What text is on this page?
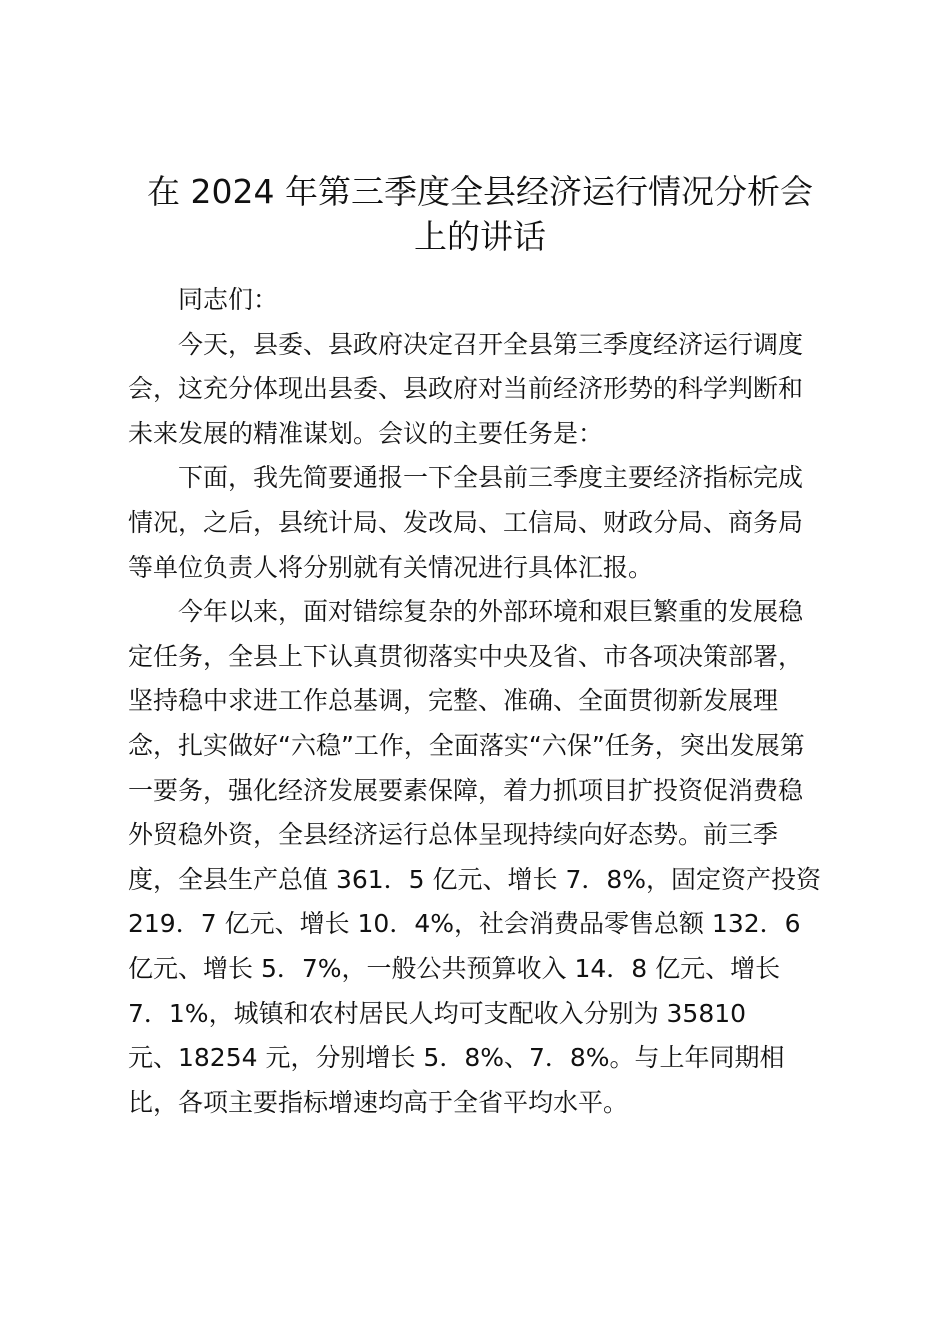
在 2024 年第三季度全县经济运行情况分析会
上的讲话
同志们：
今天，县委、县政府决定召开全县第三季度经济运行调度
会，这充分体现出县委、县政府对当前经济形势的科学判断和
未来发展的精准谋划。会议的主要任务是：
下面，我先简要通报一下全县前三季度主要经济指标完成
情况，之后，县统计局、发改局、工信局、财政分局、商务局
等单位负责人将分别就有关情况进行具体汇报。
今年以来，面对错综复杂的外部环境和艰巨繁重的发展稳
定任务，全县上下认真贯彻落实中央及省、市各项决策部署，
坚持稳中求进工作总基调，完整、准确、全面贯彻新发展理
念，扎实做好“六稳”工作，全面落实“六保”任务，突出发展第
一要务，强化经济发展要素保障，着力抓项目扩投资促消费稳
外贸稳外资，全县经济运行总体呈现持续向好态势。前三季
度，全县生产总值 361．5 亿元、增长 7．8%，固定资产投资
219．7 亿元、增长 10．4%，社会消费品零售总额 132．6
亿元、增长 5．7%，一般公共预算收入 14．8 亿元、增长
7．1%，城镇和农村居民人均可支配收入分别为 35810
元、18254 元，分别增长 5．8%、7．8%。与上年同期相
比，各项主要指标增速均高于全省平均水平。
